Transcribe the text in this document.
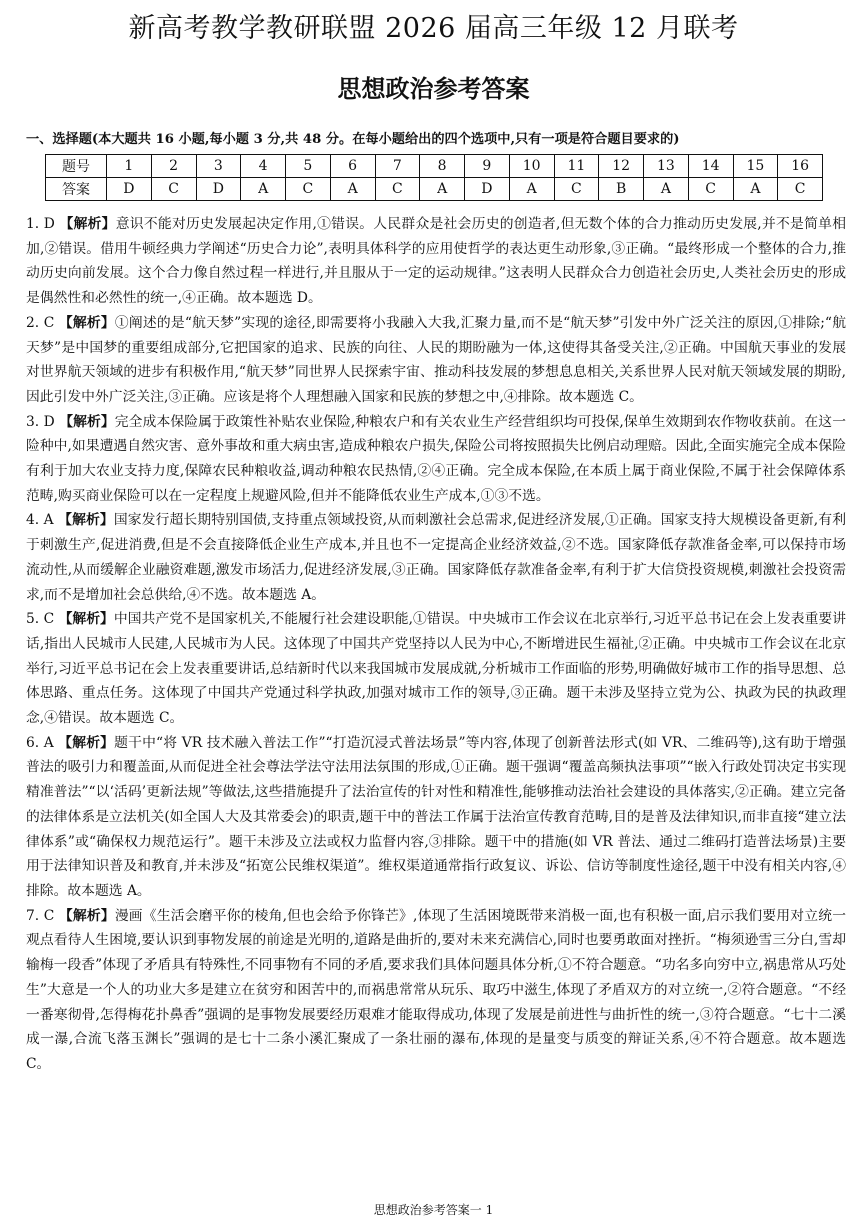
新高考教学教研联盟 2026 届高三年级 12 月联考
思想政治参考答案
一、选择题(本大题共 16 小题,每小题 3 分,共 48 分。在每小题给出的四个选项中,只有一项是符合题目要求的)
题号	1	2	3	4	5	6	7	8	9	10	11	12	13	14	15	16
答案	D	C	D	A	C	A	C	A	D	A	C	B	A	C	A	C

1. D 【解析】意识不能对历史发展起决定作用,①错误。人民群众是社会历史的创造者,但无数个体的合力推动历史发展,并不是简单相加,②错误。借用牛顿经典力学阐述“历史合力论”,表明具体科学的应用使哲学的表达更生动形象,③正确。“最终形成一个整体的合力,推动历史向前发展。这个合力像自然过程一样进行,并且服从于一定的运动规律。”这表明人民群众合力创造社会历史,人类社会历史的形成是偶然性和必然性的统一,④正确。故本题选 D。

2. C 【解析】①阐述的是“航天梦”实现的途径,即需要将小我融入大我,汇聚力量,而不是“航天梦”引发中外广泛关注的原因,①排除;“航天梦”是中国梦的重要组成部分,它把国家的追求、民族的向往、人民的期盼融为一体,这使得其备受关注,②正确。中国航天事业的发展对世界航天领域的进步有积极作用,“航天梦”同世界人民探索宇宙、推动科技发展的梦想息息相关,关系世界人民对航天领域发展的期盼,因此引发中外广泛关注,③正确。应该是将个人理想融入国家和民族的梦想之中,④排除。故本题选 C。

3. D 【解析】完全成本保险属于政策性补贴农业保险,种粮农户和有关农业生产经营组织均可投保,保单生效期到农作物收获前。在这一险种中,如果遭遇自然灾害、意外事故和重大病虫害,造成种粮农户损失,保险公司将按照损失比例启动理赔。因此,全面实施完全成本保险有利于加大农业支持力度,保障农民种粮收益,调动种粮农民热情,②④正确。完全成本保险,在本质上属于商业保险,不属于社会保障体系范畴,购买商业保险可以在一定程度上规避风险,但并不能降低农业生产成本,①③不选。

4. A 【解析】国家发行超长期特别国债,支持重点领域投资,从而刺激社会总需求,促进经济发展,①正确。国家支持大规模设备更新,有利于刺激生产,促进消费,但是不会直接降低企业生产成本,并且也不一定提高企业经济效益,②不选。国家降低存款准备金率,可以保持市场流动性,从而缓解企业融资难题,激发市场活力,促进经济发展,③正确。国家降低存款准备金率,有利于扩大信贷投资规模,刺激社会投资需求,而不是增加社会总供给,④不选。故本题选 A。

5. C 【解析】中国共产党不是国家机关,不能履行社会建设职能,①错误。中央城市工作会议在北京举行,习近平总书记在会上发表重要讲话,指出人民城市人民建,人民城市为人民。这体现了中国共产党坚持以人民为中心,不断增进民生福祉,②正确。中央城市工作会议在北京举行,习近平总书记在会上发表重要讲话,总结新时代以来我国城市发展成就,分析城市工作面临的形势,明确做好城市工作的指导思想、总体思路、重点任务。这体现了中国共产党通过科学执政,加强对城市工作的领导,③正确。题干未涉及坚持立党为公、执政为民的执政理念,④错误。故本题选 C。

6. A 【解析】题干中“将 VR 技术融入普法工作”“打造沉浸式普法场景”等内容,体现了创新普法形式(如 VR、二维码等),这有助于增强普法的吸引力和覆盖面,从而促进全社会尊法学法守法用法氛围的形成,①正确。题干强调“覆盖高频执法事项”“嵌入行政处罚决定书实现精准普法”“以‘活码’更新法规”等做法,这些措施提升了法治宣传的针对性和精准性,能够推动法治社会建设的具体落实,②正确。建立完备的法律体系是立法机关(如全国人大及其常委会)的职责,题干中的普法工作属于法治宣传教育范畴,目的是普及法律知识,而非直接“建立法律体系”或“确保权力规范运行”。题干未涉及立法或权力监督内容,③排除。题干中的措施(如 VR 普法、通过二维码打造普法场景)主要用于法律知识普及和教育,并未涉及“拓宽公民维权渠道”。维权渠道通常指行政复议、诉讼、信访等制度性途径,题干中没有相关内容,④排除。故本题选 A。

7. C 【解析】漫画《生活会磨平你的棱角,但也会给予你锋芒》,体现了生活困境既带来消极一面,也有积极一面,启示我们要用对立统一观点看待人生困境,要认识到事物发展的前途是光明的,道路是曲折的,要对未来充满信心,同时也要勇敢面对挫折。“梅须逊雪三分白,雪却输梅一段香”体现了矛盾具有特殊性,不同事物有不同的矛盾,要求我们具体问题具体分析,①不符合题意。“功名多向穷中立,祸患常从巧处生”大意是一个人的功业大多是建立在贫穷和困苦中的,而祸患常常从玩乐、取巧中滋生,体现了矛盾双方的对立统一,②符合题意。“不经一番寒彻骨,怎得梅花扑鼻香”强调的是事物发展要经历艰难才能取得成功,体现了发展是前进性与曲折性的统一,③符合题意。“七十二溪成一瀑,合流飞落玉渊长”强调的是七十二条小溪汇聚成了一条壮丽的瀑布,体现的是量变与质变的辩证关系,④不符合题意。故本题选 C。

思想政治参考答案一 1
